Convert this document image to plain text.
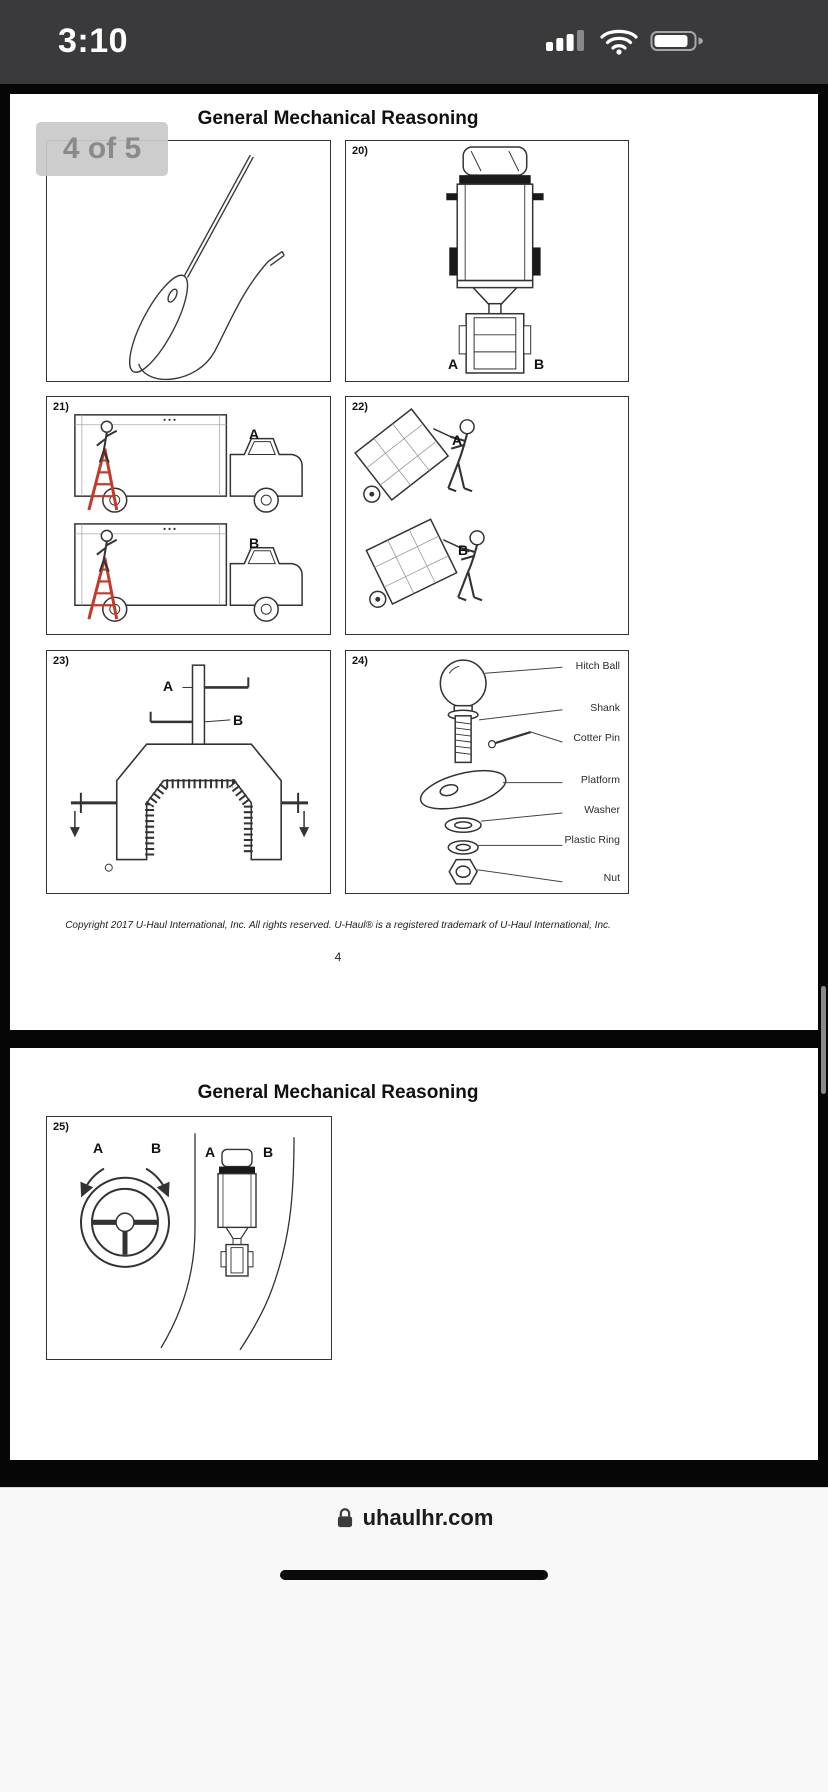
3:10
General Mechanical Reasoning
4 of 5	20)
A	B
21)
A
B
22)
A
B
23)
A
B
24)	Hitch Ball
Shank
Cotter Pin
Platform
Washer
Plastic Ring
Nut
Copyright 2017 U-Haul International, Inc. All rights reserved. U-Haul® is a registered trademark of U-Haul International, Inc.
4
General Mechanical Reasoning
25)
A	B	A	B
uhaulhr.com
